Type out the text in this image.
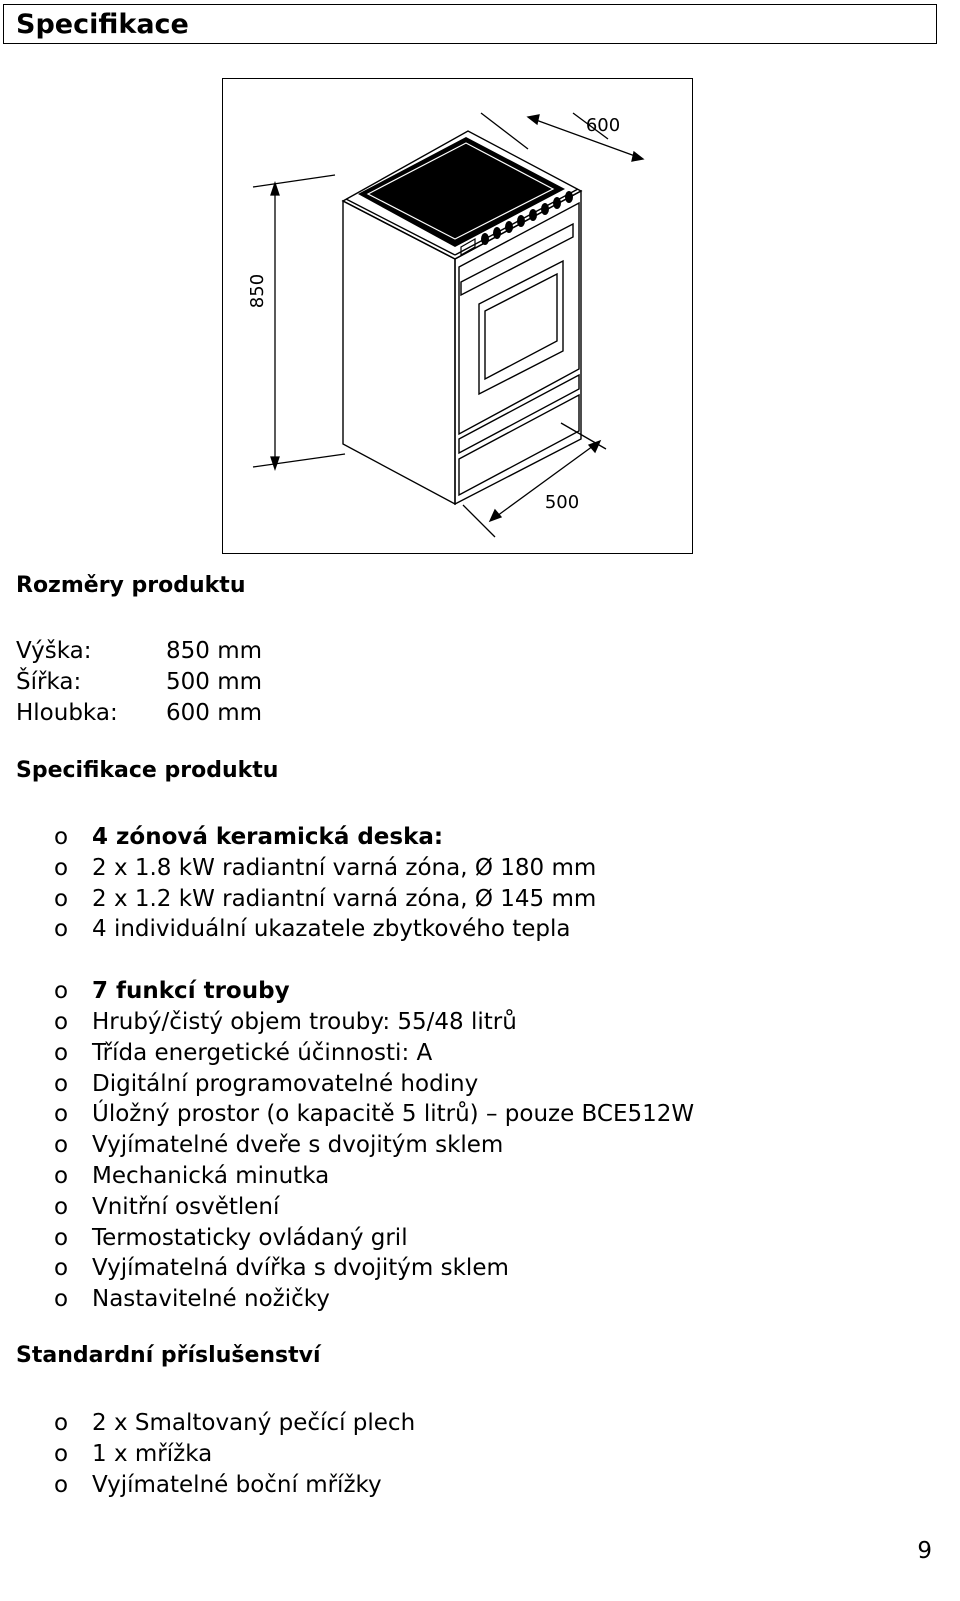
Specifikace
850
600
500
Rozměry produktu
Výška:	850 mm
Šířka:	500 mm
Hloubka:	600 mm
Specifikace produktu
o	4 zónová keramická deska:
o	2 x 1.8 kW radiantní varná zóna, Ø 180 mm
o	2 x 1.2 kW radiantní varná zóna, Ø 145 mm
o	4 individuální ukazatele zbytkového tepla
o	7 funkcí trouby
o	Hrubý/čistý objem trouby: 55/48 litrů
o	Třída energetické účinnosti: A
o	Digitální programovatelné hodiny
o	Úložný prostor (o kapacitě 5 litrů) – pouze BCE512W
o	Vyjímatelné dveře s dvojitým sklem
o	Mechanická minutka
o	Vnitřní osvětlení
o	Termostaticky ovládaný gril
o	Vyjímatelná dvířka s dvojitým sklem
o	Nastavitelné nožičky
Standardní příslušenství
o	2 x Smaltovaný pečící plech
o	1 x mřížka
o	Vyjímatelné boční mřížky
9
